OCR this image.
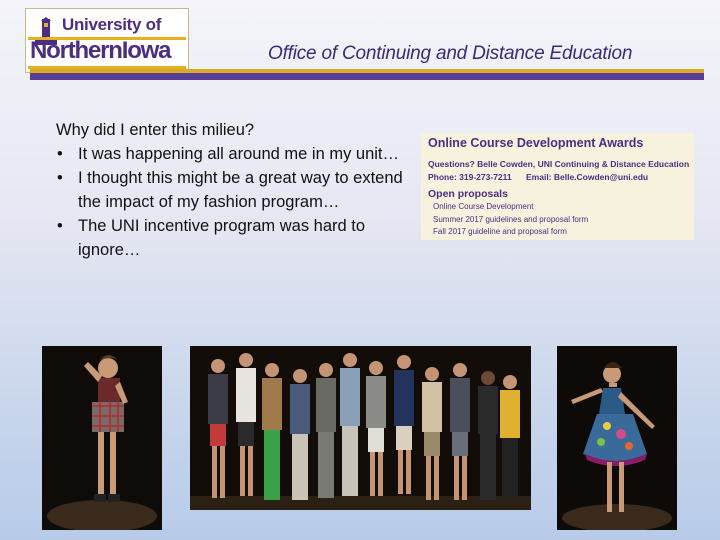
University of
NorthernIowa	Office of Continuing and Distance Education
Why did I enter this milieu?
• It was happening all around me in my unit…
• I thought this might be a great way to extend the impact of my fashion program…
• The UNI incentive program was hard to ignore…
Online Course Development Awards
Questions? Belle Cowden, UNI Continuing & Distance Education
Phone: 319-273-7211 Email: Belle.Cowden@uni.edu
Open proposals
Online Course Development
Summer 2017 guidelines and proposal form
Fall 2017 guideline and proposal form
